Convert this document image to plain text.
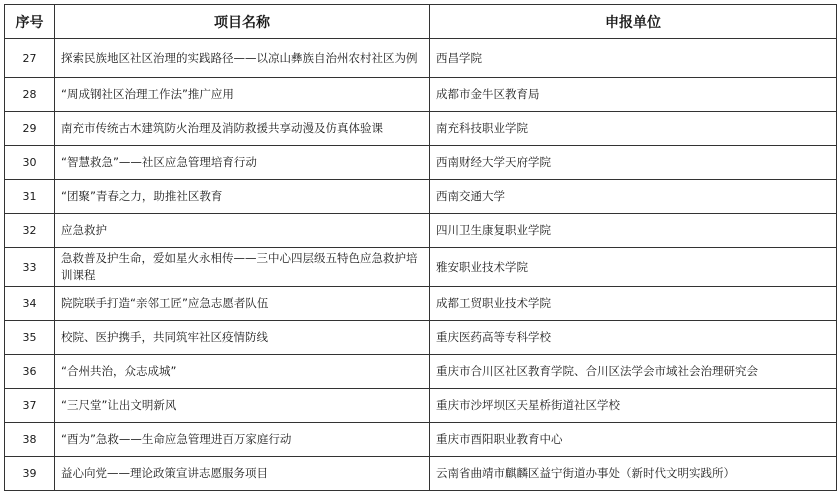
序号	项目名称	申报单位
27	探索民族地区社区治理的实践路径——以凉山彝族自治州农村社区为例	西昌学院
28	“周成钢社区治理工作法”推广应用	成都市金牛区教育局
29	南充市传统古木建筑防火治理及消防救援共享动漫及仿真体验课	南充科技职业学院
30	“智慧救急”——社区应急管理培育行动	西南财经大学天府学院
31	“团聚”青春之力，助推社区教育	西南交通大学
32	应急救护	四川卫生康复职业学院
33	急救普及护生命，爱如星火永相传——三中心四层级五特色应急救护培训课程	雅安职业技术学院
34	院院联手打造“亲邻工匠”应急志愿者队伍	成都工贸职业技术学院
35	校院、医护携手，共同筑牢社区疫情防线	重庆医药高等专科学校
36	“合州共治，众志成城”	重庆市合川区社区教育学院、合川区法学会市域社会治理研究会
37	“三尺堂”让出文明新风	重庆市沙坪坝区天星桥街道社区学校
38	“酉为”急救——生命应急管理进百万家庭行动	重庆市酉阳职业教育中心
39	益心向党——理论政策宣讲志愿服务项目	云南省曲靖市麒麟区益宁街道办事处（新时代文明实践所）
